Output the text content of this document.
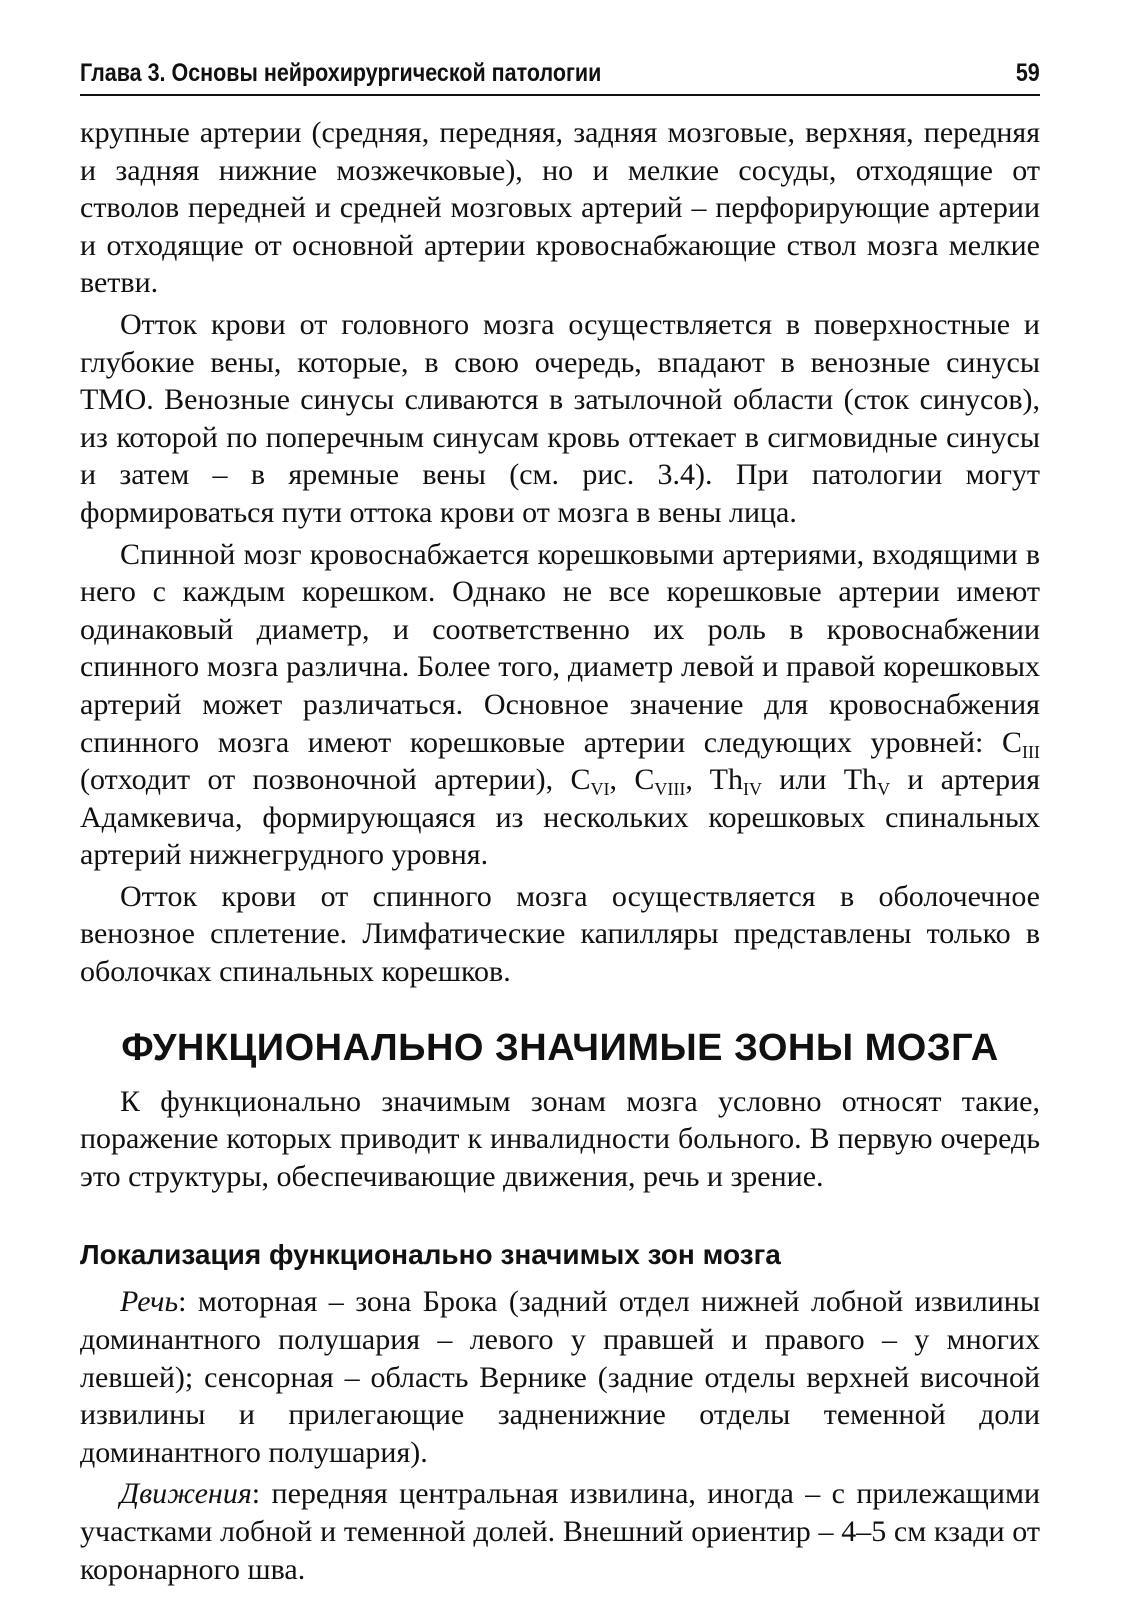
Глава 3. Основы нейрохирургической патологии	59

крупные артерии (средняя, передняя, задняя мозговые, верхняя, передняя и задняя нижние мозжечковые), но и мелкие сосуды, отходящие от стволов передней и средней мозговых артерий – перфорирующие артерии и отходящие от основной артерии кровоснабжающие ствол мозга мелкие ветви.

Отток крови от головного мозга осуществляется в поверхностные и глубокие вены, которые, в свою очередь, впадают в венозные синусы ТМО. Венозные синусы сливаются в затылочной области (сток синусов), из которой по поперечным синусам кровь оттекает в сигмовидные синусы и затем – в яремные вены (см. рис. 3.4). При патологии могут формироваться пути оттока крови от мозга в вены лица.

Спинной мозг кровоснабжается корешковыми артериями, входящими в него с каждым корешком. Однако не все корешковые артерии имеют одинаковый диаметр, и соответственно их роль в кровоснабжении спинного мозга различна. Более того, диаметр левой и правой корешковых артерий может различаться. Основное значение для кровоснабжения спинного мозга имеют корешковые артерии следующих уровней: $C_{III}$ (отходит от позвоночной артерии), $C_{VI}$, $C_{VIII}$, $Th_{IV}$ или $Th_V$ и артерия Адамкевича, формирующаяся из нескольких корешковых спинальных артерий нижнегрудного уровня.

Отток крови от спинного мозга осуществляется в оболочечное венозное сплетение. Лимфатические капилляры представлены только в оболочках спинальных корешков.

ФУНКЦИОНАЛЬНО ЗНАЧИМЫЕ ЗОНЫ МОЗГА

К функционально значимым зонам мозга условно относят такие, поражение которых приводит к инвалидности больного. В первую очередь это структуры, обеспечивающие движения, речь и зрение.

Локализация функционально значимых зон мозга

Речь: моторная – зона Брока (задний отдел нижней лобной извилины доминантного полушария – левого у правшей и правого – у многих левшей); сенсорная – область Вернике (задние отделы верхней височной извилины и прилегающие задненижние отделы теменной доли доминантного полушария).

Движения: передняя центральная извилина, иногда – с прилежащими участками лобной и теменной долей. Внешний ориентир – 4–5 см кзади от коронарного шва.
